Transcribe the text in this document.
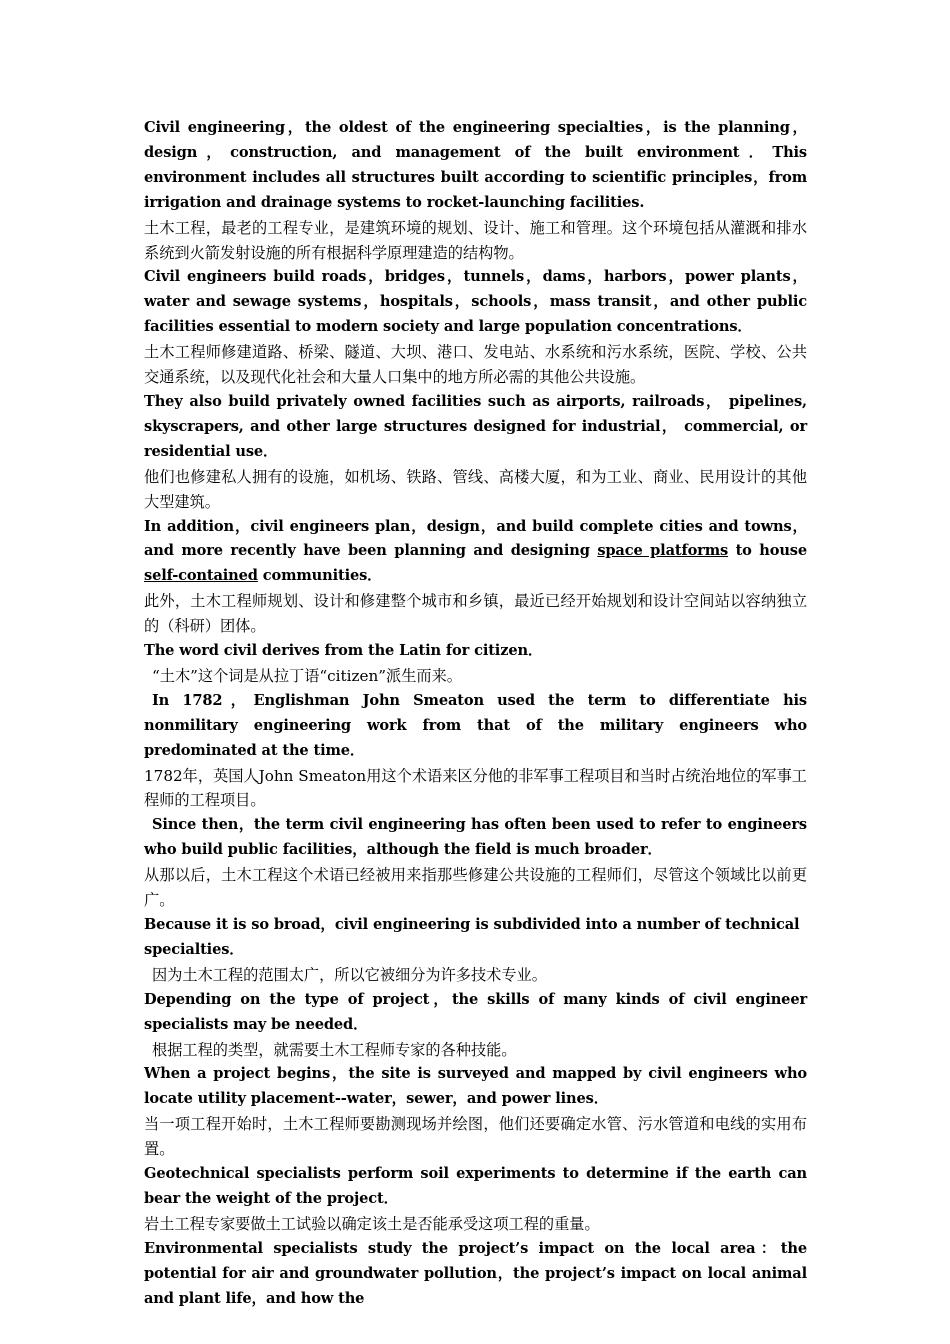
Civil engineering，the oldest of the engineering specialties，is the planning，design，construction, and management of the built environment．This environment includes all structures built according to scientific principles，from irrigation and drainage systems to rocket-launching facilities.

土木工程，最老的工程专业，是建筑环境的规划、设计、施工和管理。这个环境包括从灌溉和排水系统到火箭发射设施的所有根据科学原理建造的结构物。

Civil engineers build roads，bridges，tunnels，dams，harbors，power plants，water and sewage systems，hospitals，schools，mass transit，and other public facilities essential to modern society and large population concentrations．

土木工程师修建道路、桥梁、隧道、大坝、港口、发电站、水系统和污水系统，医院、学校、公共交通系统，以及现代化社会和大量人口集中的地方所必需的其他公共设施。

They also build privately owned facilities such as airports, railroads， pipelines, skyscrapers, and other large structures designed for industrial， commercial, or residential use．

他们也修建私人拥有的设施，如机场、铁路、管线、高楼大厦，和为工业、商业、民用设计的其他大型建筑。

In addition，civil engineers plan，design，and build complete cities and towns，and more recently have been planning and designing space platforms to house self-contained communities．

此外，土木工程师规划、设计和修建整个城市和乡镇，最近已经开始规划和设计空间站以容纳独立的（科研）团体。

The word civil derives from the Latin for citizen．

“土木”这个词是从拉丁语“citizen”派生而来。

In 1782，Englishman John Smeaton used the term to differentiate his nonmilitary engineering work from that of the military engineers who predominated at the time．

1782年，英国人John Smeaton用这个术语来区分他的非军事工程项目和当时占统治地位的军事工程师的工程项目。

Since then，the term civil engineering has often been used to refer to engineers who build public facilities，although the field is much broader．

从那以后，土木工程这个术语已经被用来指那些修建公共设施的工程师们，尽管这个领域比以前更广。

Because it is so broad，civil engineering is subdivided into a number of technical specialties．

因为土木工程的范围太广，所以它被细分为许多技术专业。

Depending on the type of project，the skills of many kinds of civil engineer specialists may be needed．

根据工程的类型，就需要土木工程师专家的各种技能。

When a project begins，the site is surveyed and mapped by civil engineers who locate utility placement--water，sewer，and power lines．

当一项工程开始时，土木工程师要勘测现场并绘图，他们还要确定水管、污水管道和电线的实用布置。

Geotechnical specialists perform soil experiments to determine if the earth can bear the weight of the project．

岩土工程专家要做土工试验以确定该土是否能承受这项工程的重量。

Environmental specialists study the project’s impact on the local area：the potential for air and groundwater pollution，the project’s impact on local animal and plant life，and how the
